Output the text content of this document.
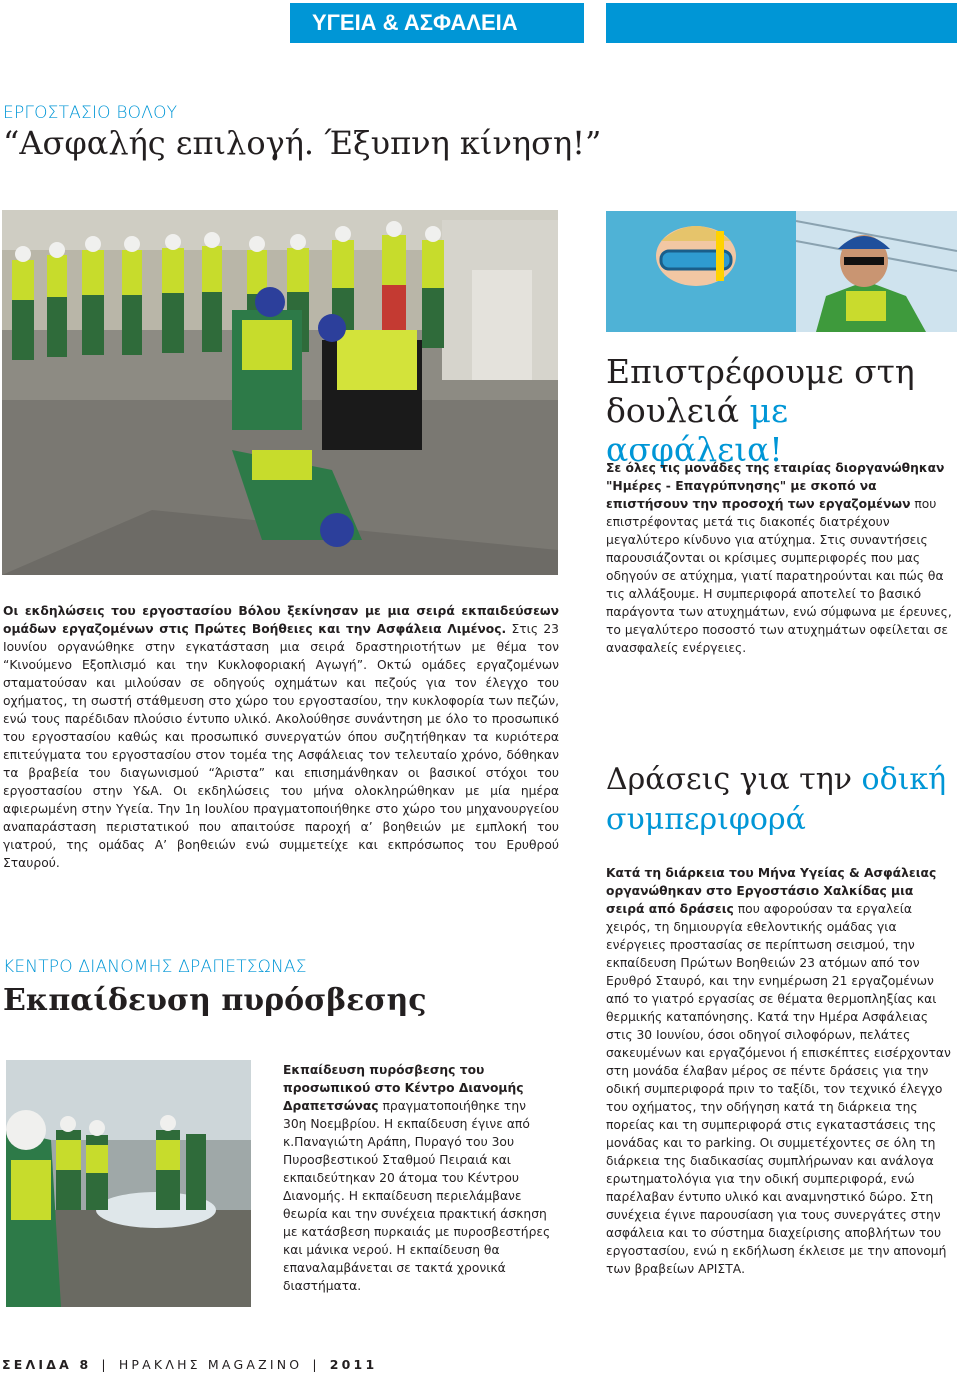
ΥΓΕΙΑ & ΑΣΦΑΛΕΙΑ
ΕΡΓΟΣΤΑΣΙΟ ΒΟΛΟΥ
“Ασφαλής επιλογή. Έξυπνη κίνηση!”
Οι εκδηλώσεις του εργοστασίου Βόλου ξεκίνησαν με μια σειρά εκπαιδεύσεων ομάδων εργαζομένων στις Πρώτες Βοήθειες και την Ασφάλεια Λιμένος. Στις 23 Ιουνίου οργανώθηκε στην εγκατάσταση μια σειρά δραστηριοτήτων με θέμα τον “Κινούμενο Εξοπλισμό και την Κυκλοφοριακή Αγωγή”. Οκτώ ομάδες εργαζομένων σταματούσαν και μιλούσαν σε οδηγούς οχημάτων και πεζούς για τον έλεγχο του οχήματος, τη σωστή στάθμευση στο χώρο του εργοστασίου, την κυκλοφορία των πεζών, ενώ τους παρέδιδαν πλούσιο έντυπο υλικό. Ακολούθησε συνάντηση με όλο το προσωπικό του εργοστασίου καθώς και προσωπικό συνεργατών όπου συζητήθηκαν τα κυριότερα επιτεύγματα του εργοστασίου στον τομέα της Ασφάλειας τον τελευταίο χρόνο, δόθηκαν τα βραβεία του διαγωνισμού “Άριστα” και επισημάνθηκαν οι βασικοί στόχοι του εργοστασίου στην Υ&Α. Οι εκδηλώσεις του μήνα ολοκληρώθηκαν με μία ημέρα αφιερωμένη στην Υγεία. Την 1η Ιουλίου πραγματοποιήθηκε στο χώρο του μηχανουργείου αναπαράσταση περιστατικού που απαιτούσε παροχή α’ βοηθειών με εμπλοκή του γιατρού, της ομάδας Α’ βοηθειών ενώ συμμετείχε και εκπρόσωπος του Ερυθρού Σταυρού.
Επιστρέφουμε στη
δουλειά με ασφάλεια!
Σε όλες τις μονάδες της εταιρίας διοργανώθηκαν "Ημέρες - Επαγρύπνησης" με σκοπό να επιστήσουν την προσοχή των εργαζομένων που επιστρέφοντας μετά τις διακοπές διατρέχουν μεγαλύτερο κίνδυνο για ατύχημα. Στις συναντήσεις παρουσιάζονται οι κρίσιμες συμπεριφορές που μας οδηγούν σε ατύχημα, γιατί παρατηρούνται και πώς θα τις αλλάξουμε. Η συμπεριφορά αποτελεί το βασικό παράγοντα των ατυχημάτων, ενώ σύμφωνα με έρευνες, το μεγαλύτερο ποσοστό των ατυχημάτων οφείλεται σε ανασφαλείς ενέργειες.
Δράσεις για την οδική
συμπεριφορά
Κατά τη διάρκεια του Μήνα Υγείας & Ασφάλειας οργανώθηκαν στο Εργοστάσιο Χαλκίδας μια σειρά από δράσεις που αφορούσαν τα εργαλεία χειρός, τη δημιουργία εθελοντικής ομάδας για ενέργειες προστασίας σε περίπτωση σεισμού, την εκπαίδευση Πρώτων Βοηθειών 23 ατόμων από τον Ερυθρό Σταυρό, και την ενημέρωση 21 εργαζομένων από το γιατρό εργασίας σε θέματα θερμοπληξίας και θερμικής καταπόνησης. Κατά την Ημέρα Ασφάλειας στις 30 Ιουνίου, όσοι οδηγοί σιλοφόρων, πελάτες σακευμένων και εργαζόμενοι ή επισκέπτες εισέρχονταν στη μονάδα έλαβαν μέρος σε πέντε δράσεις για την οδική συμπεριφορά πριν το ταξίδι, τον τεχνικό έλεγχο του οχήματος, την οδήγηση κατά τη διάρκεια της πορείας και τη συμπεριφορά στις εγκαταστάσεις της μονάδας και το parking. Οι συμμετέχοντες σε όλη τη διάρκεια της διαδικασίας συμπλήρωναν και ανάλογα ερωτηματολόγια για την οδική συμπεριφορά, ενώ παρέλαβαν έντυπο υλικό και αναμνηστικό δώρο. Στη συνέχεια έγινε παρουσίαση για τους συνεργάτες στην ασφάλεια και το σύστημα διαχείρισης αποβλήτων του εργοστασίου, ενώ η εκδήλωση έκλεισε με την απονομή των βραβείων ΑΡΙΣΤΑ.
ΚΕΝΤΡΟ ΔΙΑΝΟΜΗΣ ΔΡΑΠΕΤΣΩΝΑΣ
Εκπαίδευση πυρόσβεσης
Εκπαίδευση πυρόσβεσης του προσωπικού στο Κέντρο Διανομής Δραπετσώνας πραγματοποιήθηκε την 30η Νοεμβρίου. Η εκπαίδευση έγινε από κ.Παναγιώτη Αράπη, Πυραγό του 3ου Πυροσβεστικού Σταθμού Πειραιά και εκπαιδεύτηκαν 20 άτομα του Κέντρου Διανομής. Η εκπαίδευση περιελάμβανε θεωρία και την συνέχεια πρακτική άσκηση με κατάσβεση πυρκαιάς με πυροσβεστήρες και μάνικα νερού. Η εκπαίδευση θα επαναλαμβάνεται σε τακτά χρονικά διαστήματα.
ΣΕΛΙΔΑ 8 | ΗΡΑΚΛΗΣ MAGAZINO | 2011
